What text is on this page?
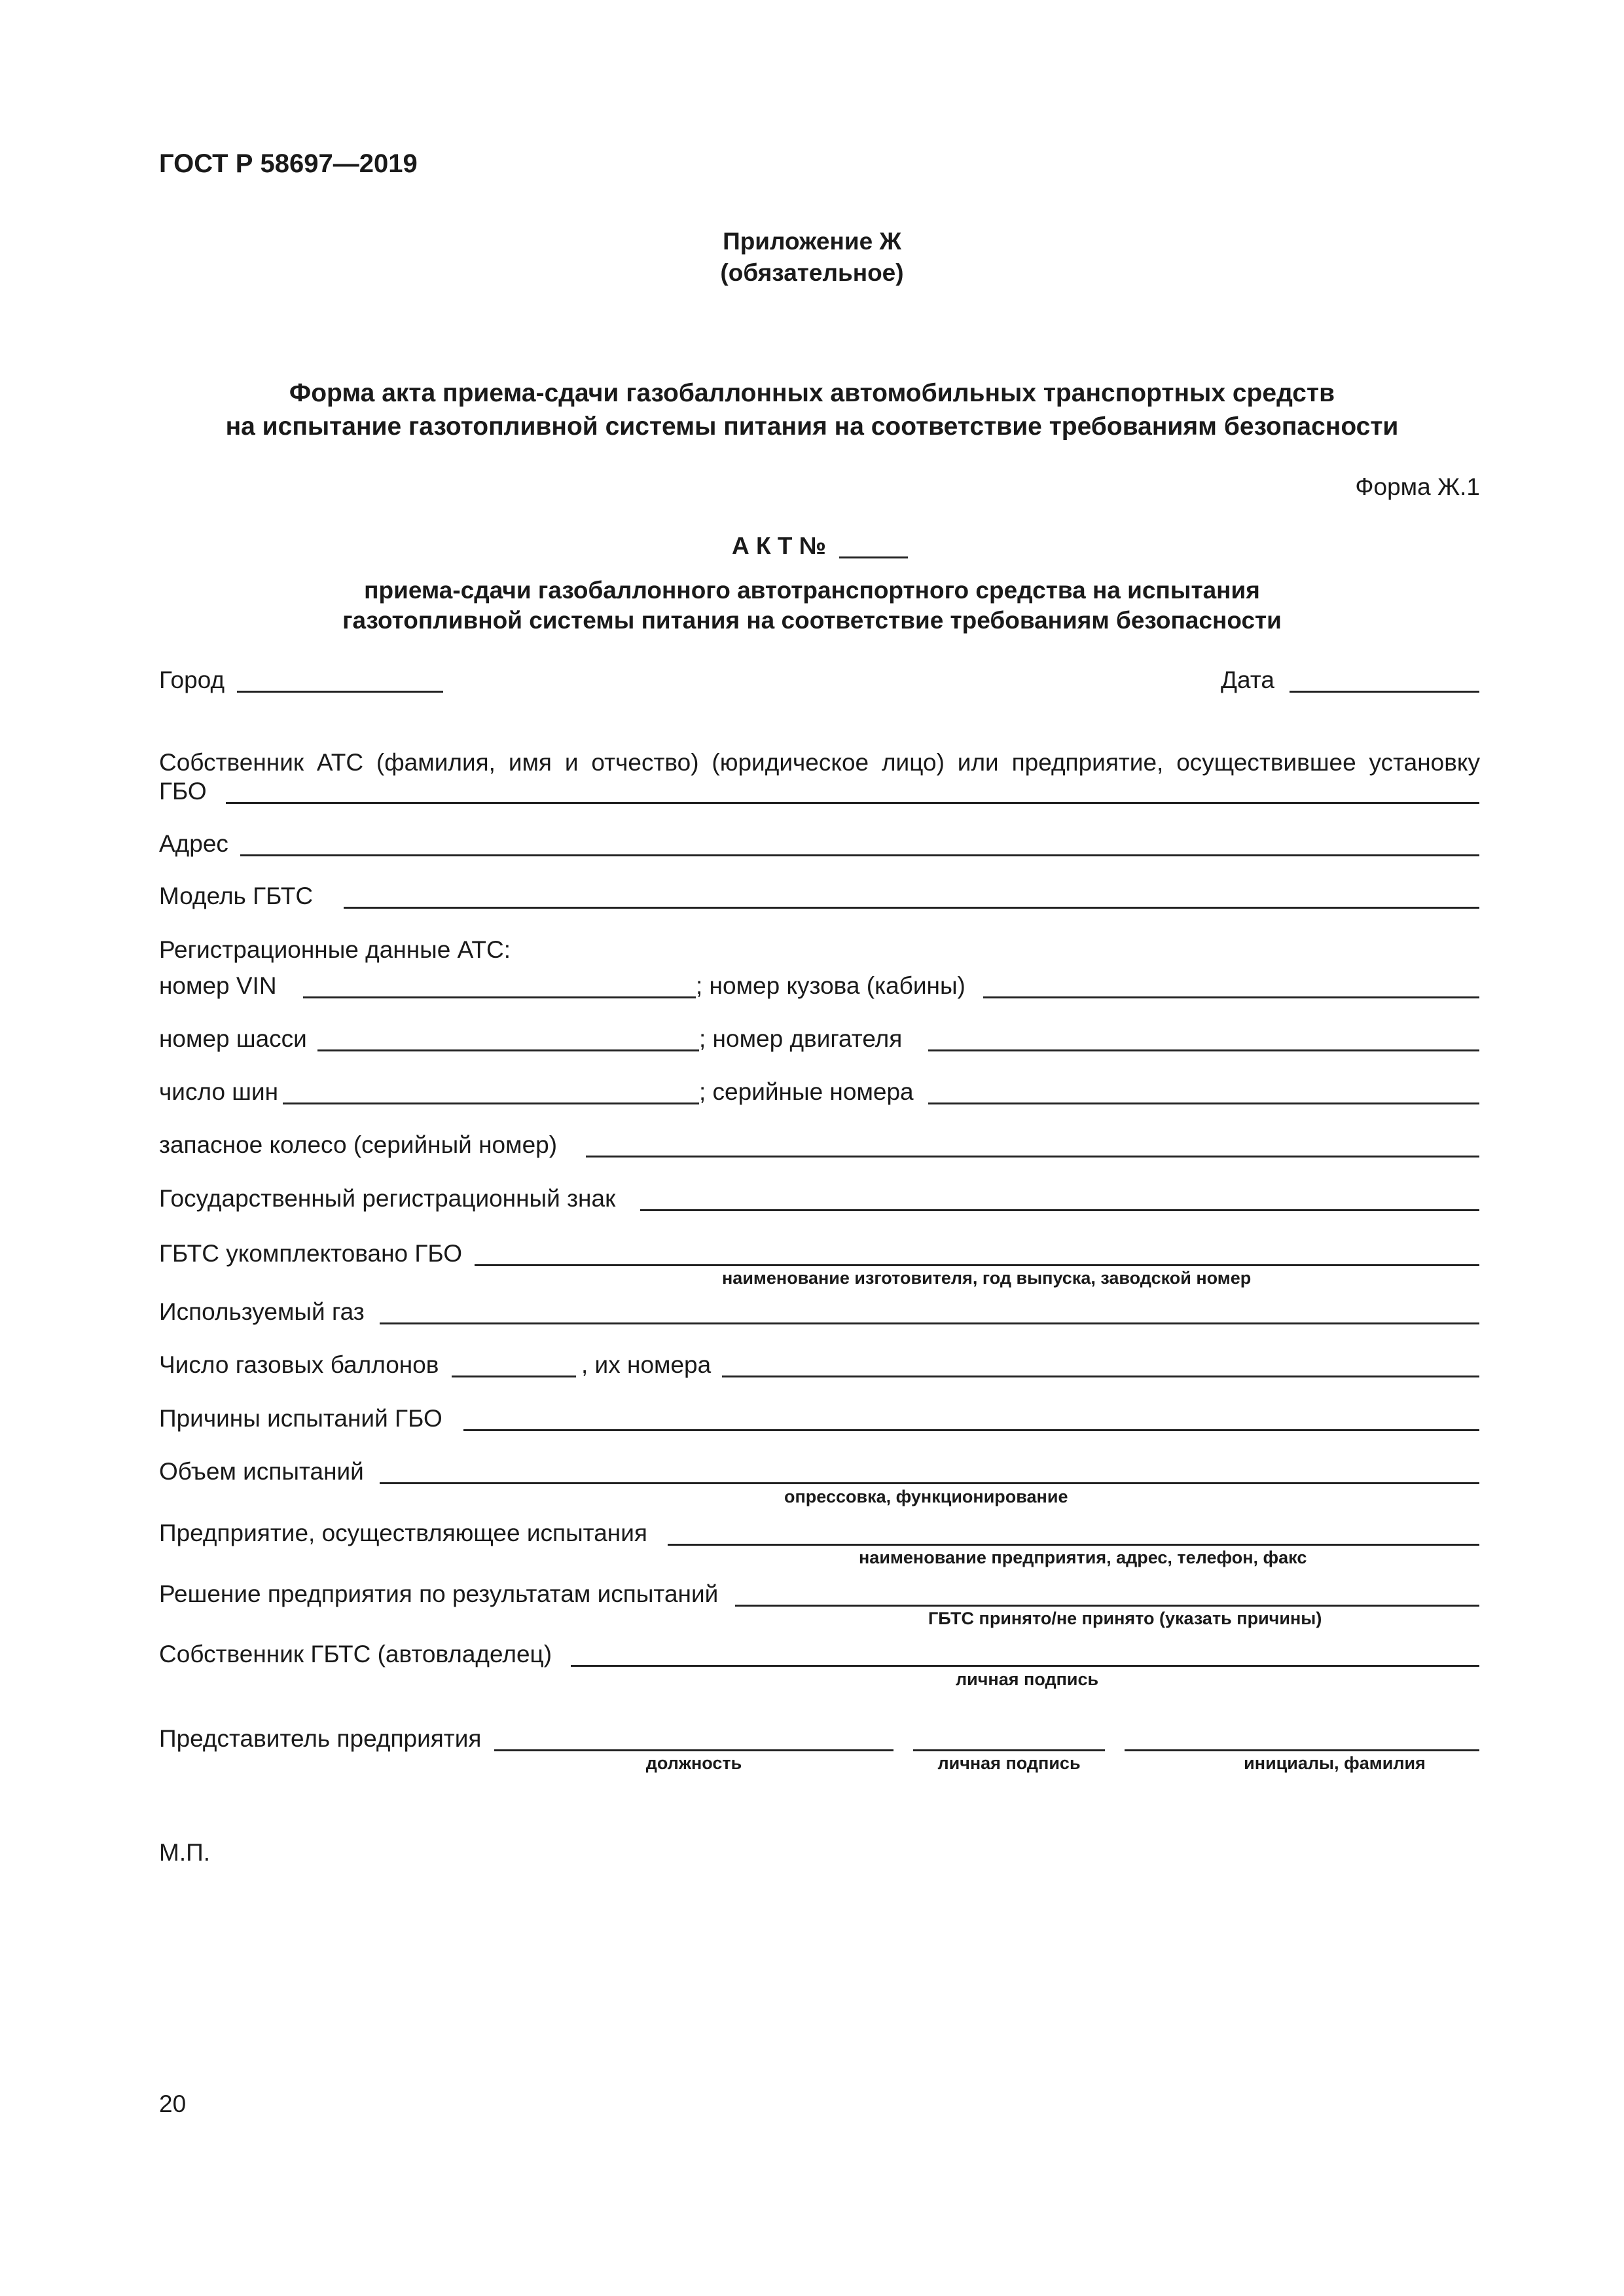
ГОСТ Р 58697—2019
Приложение Ж
(обязательное)
Форма акта приема-сдачи газобаллонных автомобильных транспортных средств
на испытание газотопливной системы питания на соответствие требованиям безопасности
Форма Ж.1
А К Т №
приема-сдачи газобаллонного автотранспортного средства на испытания
газотопливной системы питания на соответствие требованиям безопасности
Город	Дата
Собственник АТС (фамилия, имя и отчество) (юридическое лицо) или предприятие, осуществившее установку
ГБО
Адрес
Модель ГБТС
Регистрационные данные АТС:
номер VIN	; номер кузова (кабины)
номер шасси	; номер двигателя
число шин	; серийные номера
запасное колесо (серийный номер)
Государственный регистрационный знак
ГБТС укомплектовано ГБО
наименование изготовителя, год выпуска, заводской номер
Используемый газ
Число газовых баллонов	, их номера
Причины испытаний ГБО
Объем испытаний
опрессовка, функционирование
Предприятие, осуществляющее испытания
наименование предприятия, адрес, телефон, факс
Решение предприятия по результатам испытаний
ГБТС принято/не принято (указать причины)
Собственник ГБТС (автовладелец)
личная подпись
Представитель предприятия
должность	личная подпись	инициалы, фамилия
М.П.
20
